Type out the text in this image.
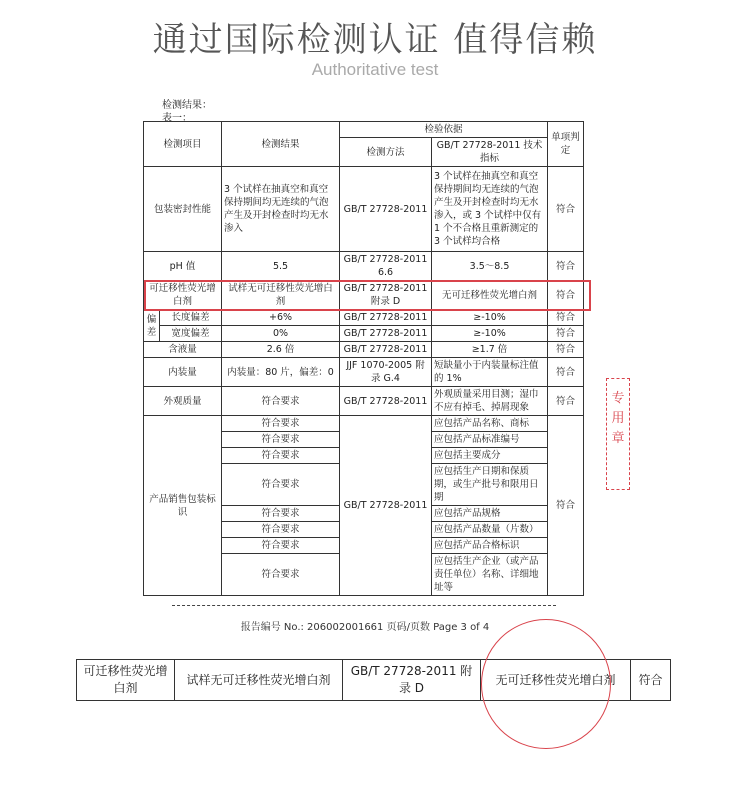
通过国际检测认证 值得信赖
Authoritative test
检测结果：
表一：
检测项目		检测结果	检验依据		单项判定
			检测方法	GB/T 27728-2011 技术指标	
包装密封性能		3 个试样在抽真空和真空保持期间均无连续的气泡产生及开封检查时均无水渗入	GB/T 27728-2011	3 个试样在抽真空和真空保持期间均无连续的气泡产生及开封检查时均无水渗入，或 3 个试样中仅有 1 个不合格且重新测定的 3 个试样均合格	符合
pH 值		5.5	GB/T 27728-2011 6.6	3.5～8.5	符合
可迁移性荧光增白剂		试样无可迁移性荧光增白剂	GB/T 27728-2011 附录 D	无可迁移性荧光增白剂	符合
偏差	长度偏差	+6%	GB/T 27728-2011	≥-10%	符合
	宽度偏差	0%	GB/T 27728-2011	≥-10%	符合
含液量		2.6 倍	GB/T 27728-2011	≥1.7 倍	符合
内装量		内装量：80 片，偏差：0	JJF 1070-2005 附录 G.4	短缺量小于内装量标注值的 1%	符合
外观质量		符合要求	GB/T 27728-2011	外观质量采用目测；湿巾不应有掉毛、掉屑现象	符合
产品销售包装标识		符合要求	GB/T 27728-2011	应包括产品名称、商标	符合
		符合要求		应包括产品标准编号	
		符合要求		应包括主要成分	
		符合要求		应包括生产日期和保质期，或生产批号和限用日期	
		符合要求		应包括产品规格	
		符合要求		应包括产品数量（片数）	
		符合要求		应包括产品合格标识	
		符合要求		应包括生产企业（或产品责任单位）名称、详细地址等	
专 用 章
报告编号 No.: 206002001661 页码/页数 Page 3 of 4
可迁移性荧光增白剂	试样无可迁移性荧光增白剂	GB/T 27728-2011 附录 D	无可迁移性荧光增白剂	符合
